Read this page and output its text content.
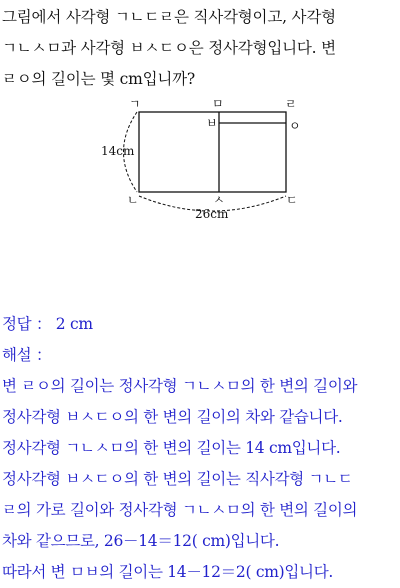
그림에서 사각형 ㄱㄴㄷㄹ은 직사각형이고, 사각형
ㄱㄴㅅㅁ과 사각형 ㅂㅅㄷㅇ은 정사각형입니다. 변
ㄹㅇ의 길이는 몇 cm입니까?
ㄱ	ㅁ	ㄹ
ㅂ	ㅇ
ㄴ	ㅅ	ㄷ
14cm
26cm
정답 ： 2 cm
해설 ：
변 ㄹㅇ의 길이는 정사각형 ㄱㄴㅅㅁ의 한 변의 길이와
정사각형 ㅂㅅㄷㅇ의 한 변의 길이의 차와 같습니다.
정사각형 ㄱㄴㅅㅁ의 한 변의 길이는 14 cm입니다.
정사각형 ㅂㅅㄷㅇ의 한 변의 길이는 직사각형 ㄱㄴㄷ
ㄹ의 가로 길이와 정사각형 ㄱㄴㅅㅁ의 한 변의 길이의
차와 같으므로, 26－14＝12( cm)입니다.
따라서 변 ㅁㅂ의 길이는 14－12＝2( cm)입니다.
